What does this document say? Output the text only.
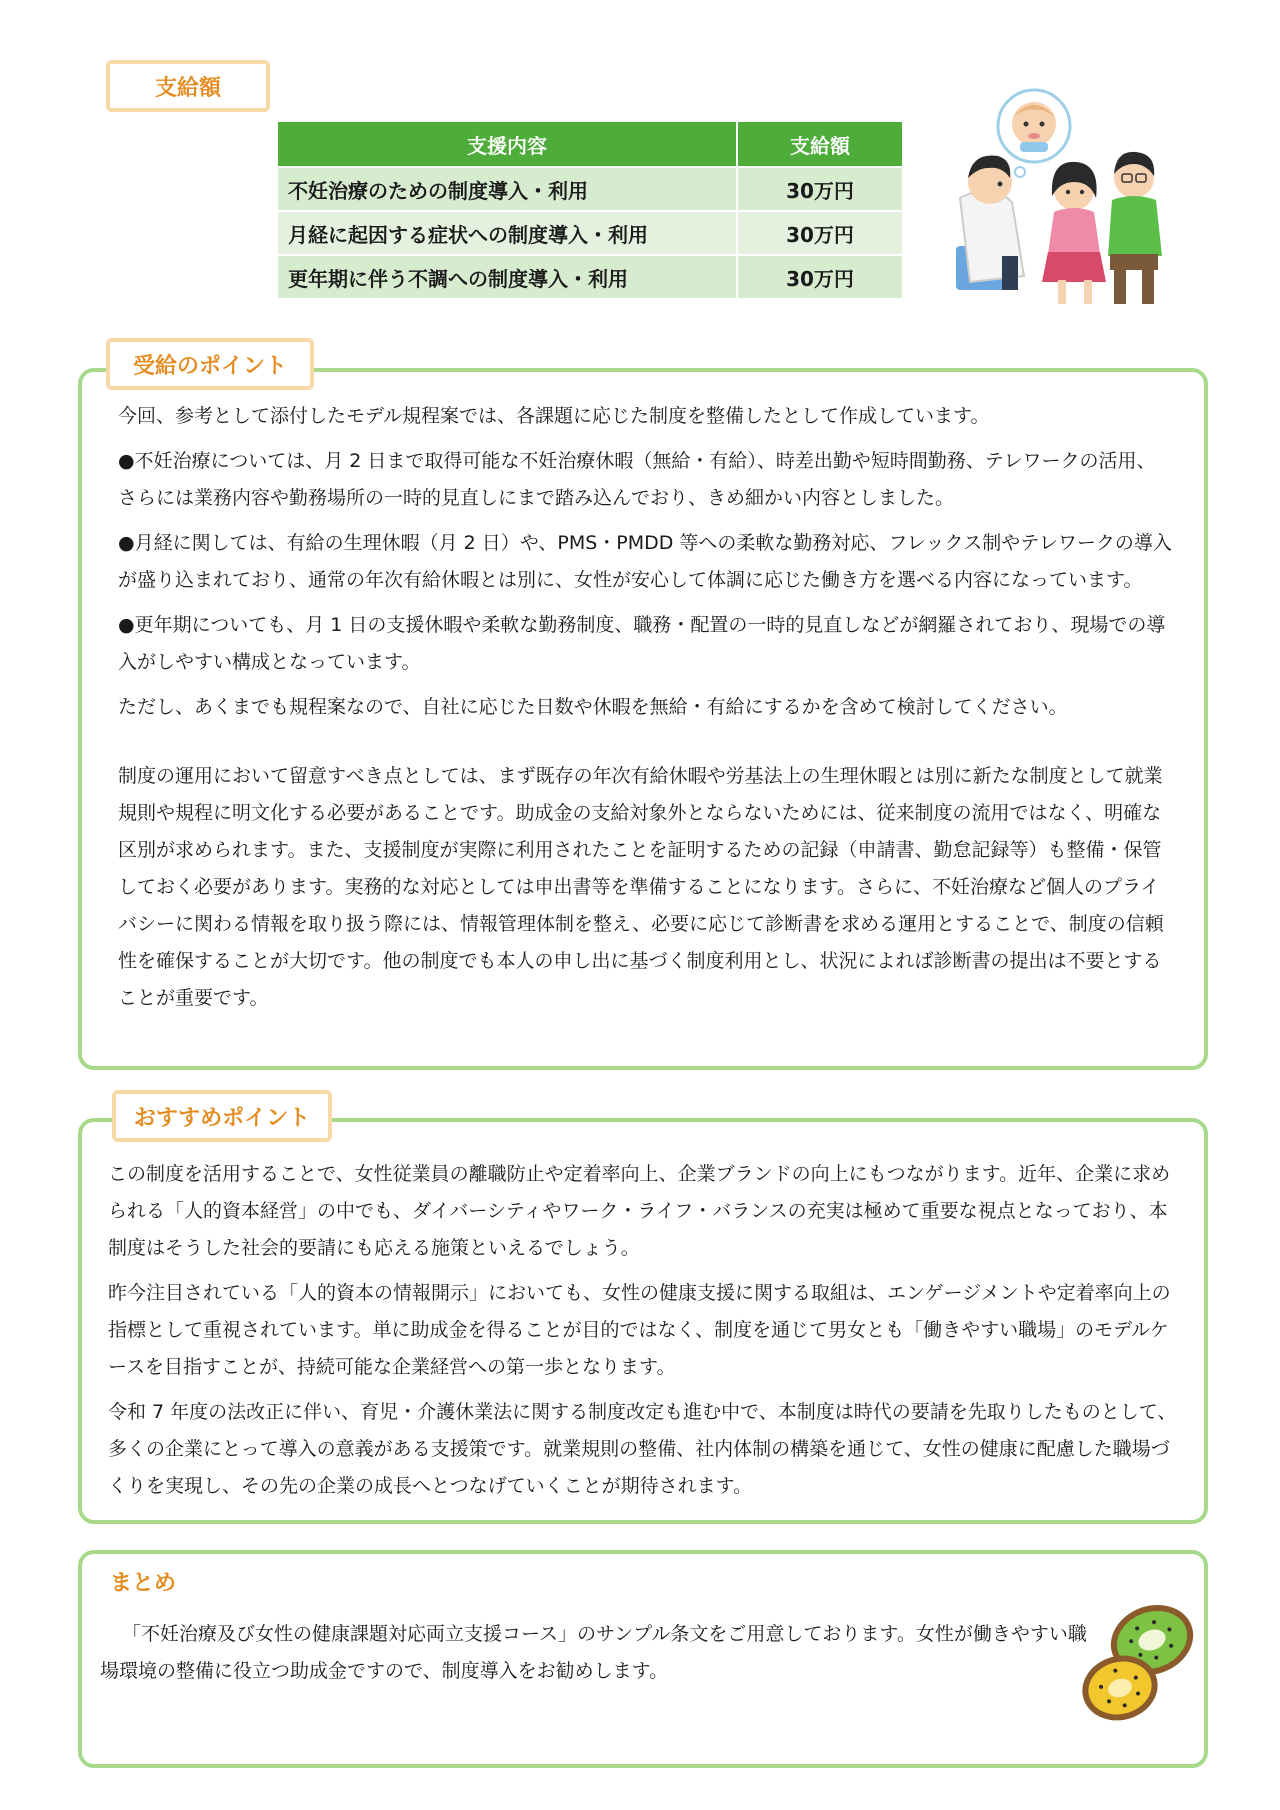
支給額
支援内容	支給額
不妊治療のための制度導入・利用	30万円
月経に起因する症状への制度導入・利用	30万円
更年期に伴う不調への制度導入・利用	30万円
受給のポイント

今回、参考として添付したモデル規程案では、各課題に応じた制度を整備したとして作成しています。

●不妊治療については、月 2 日まで取得可能な不妊治療休暇（無給・有給）、時差出勤や短時間勤務、テレワークの活用、さらには業務内容や勤務場所の一時的見直しにまで踏み込んでおり、きめ細かい内容としました。

●月経に関しては、有給の生理休暇（月 2 日）や、PMS・PMDD 等への柔軟な勤務対応、フレックス制やテレワークの導入が盛り込まれており、通常の年次有給休暇とは別に、女性が安心して体調に応じた働き方を選べる内容になっています。

●更年期についても、月 1 日の支援休暇や柔軟な勤務制度、職務・配置の一時的見直しなどが網羅されており、現場での導入がしやすい構成となっています。

ただし、あくまでも規程案なので、自社に応じた日数や休暇を無給・有給にするかを含めて検討してください。

制度の運用において留意すべき点としては、まず既存の年次有給休暇や労基法上の生理休暇とは別に新たな制度として就業規則や規程に明文化する必要があることです。助成金の支給対象外とならないためには、従来制度の流用ではなく、明確な区別が求められます。また、支援制度が実際に利用されたことを証明するための記録（申請書、勤怠記録等）も整備・保管しておく必要があります。実務的な対応としては申出書等を準備することになります。さらに、不妊治療など個人のプライバシーに関わる情報を取り扱う際には、情報管理体制を整え、必要に応じて診断書を求める運用とすることで、制度の信頼性を確保することが大切です。他の制度でも本人の申し出に基づく制度利用とし、状況によれば診断書の提出は不要とすることが重要です。

おすすめポイント

この制度を活用することで、女性従業員の離職防止や定着率向上、企業ブランドの向上にもつながります。近年、企業に求められる「人的資本経営」の中でも、ダイバーシティやワーク・ライフ・バランスの充実は極めて重要な視点となっており、本制度はそうした社会的要請にも応える施策といえるでしょう。

昨今注目されている「人的資本の情報開示」においても、女性の健康支援に関する取組は、エンゲージメントや定着率向上の指標として重視されています。単に助成金を得ることが目的ではなく、制度を通じて男女とも「働きやすい職場」のモデルケースを目指すことが、持続可能な企業経営への第一歩となります。

令和 7 年度の法改正に伴い、育児・介護休業法に関する制度改定も進む中で、本制度は時代の要請を先取りしたものとして、多くの企業にとって導入の意義がある支援策です。就業規則の整備、社内体制の構築を通じて、女性の健康に配慮した職場づくりを実現し、その先の企業の成長へとつなげていくことが期待されます。

まとめ
「不妊治療及び女性の健康課題対応両立支援コース」のサンプル条文をご用意しております。女性が働きやすい職場環境の整備に役立つ助成金ですので、制度導入をお勧めします。
